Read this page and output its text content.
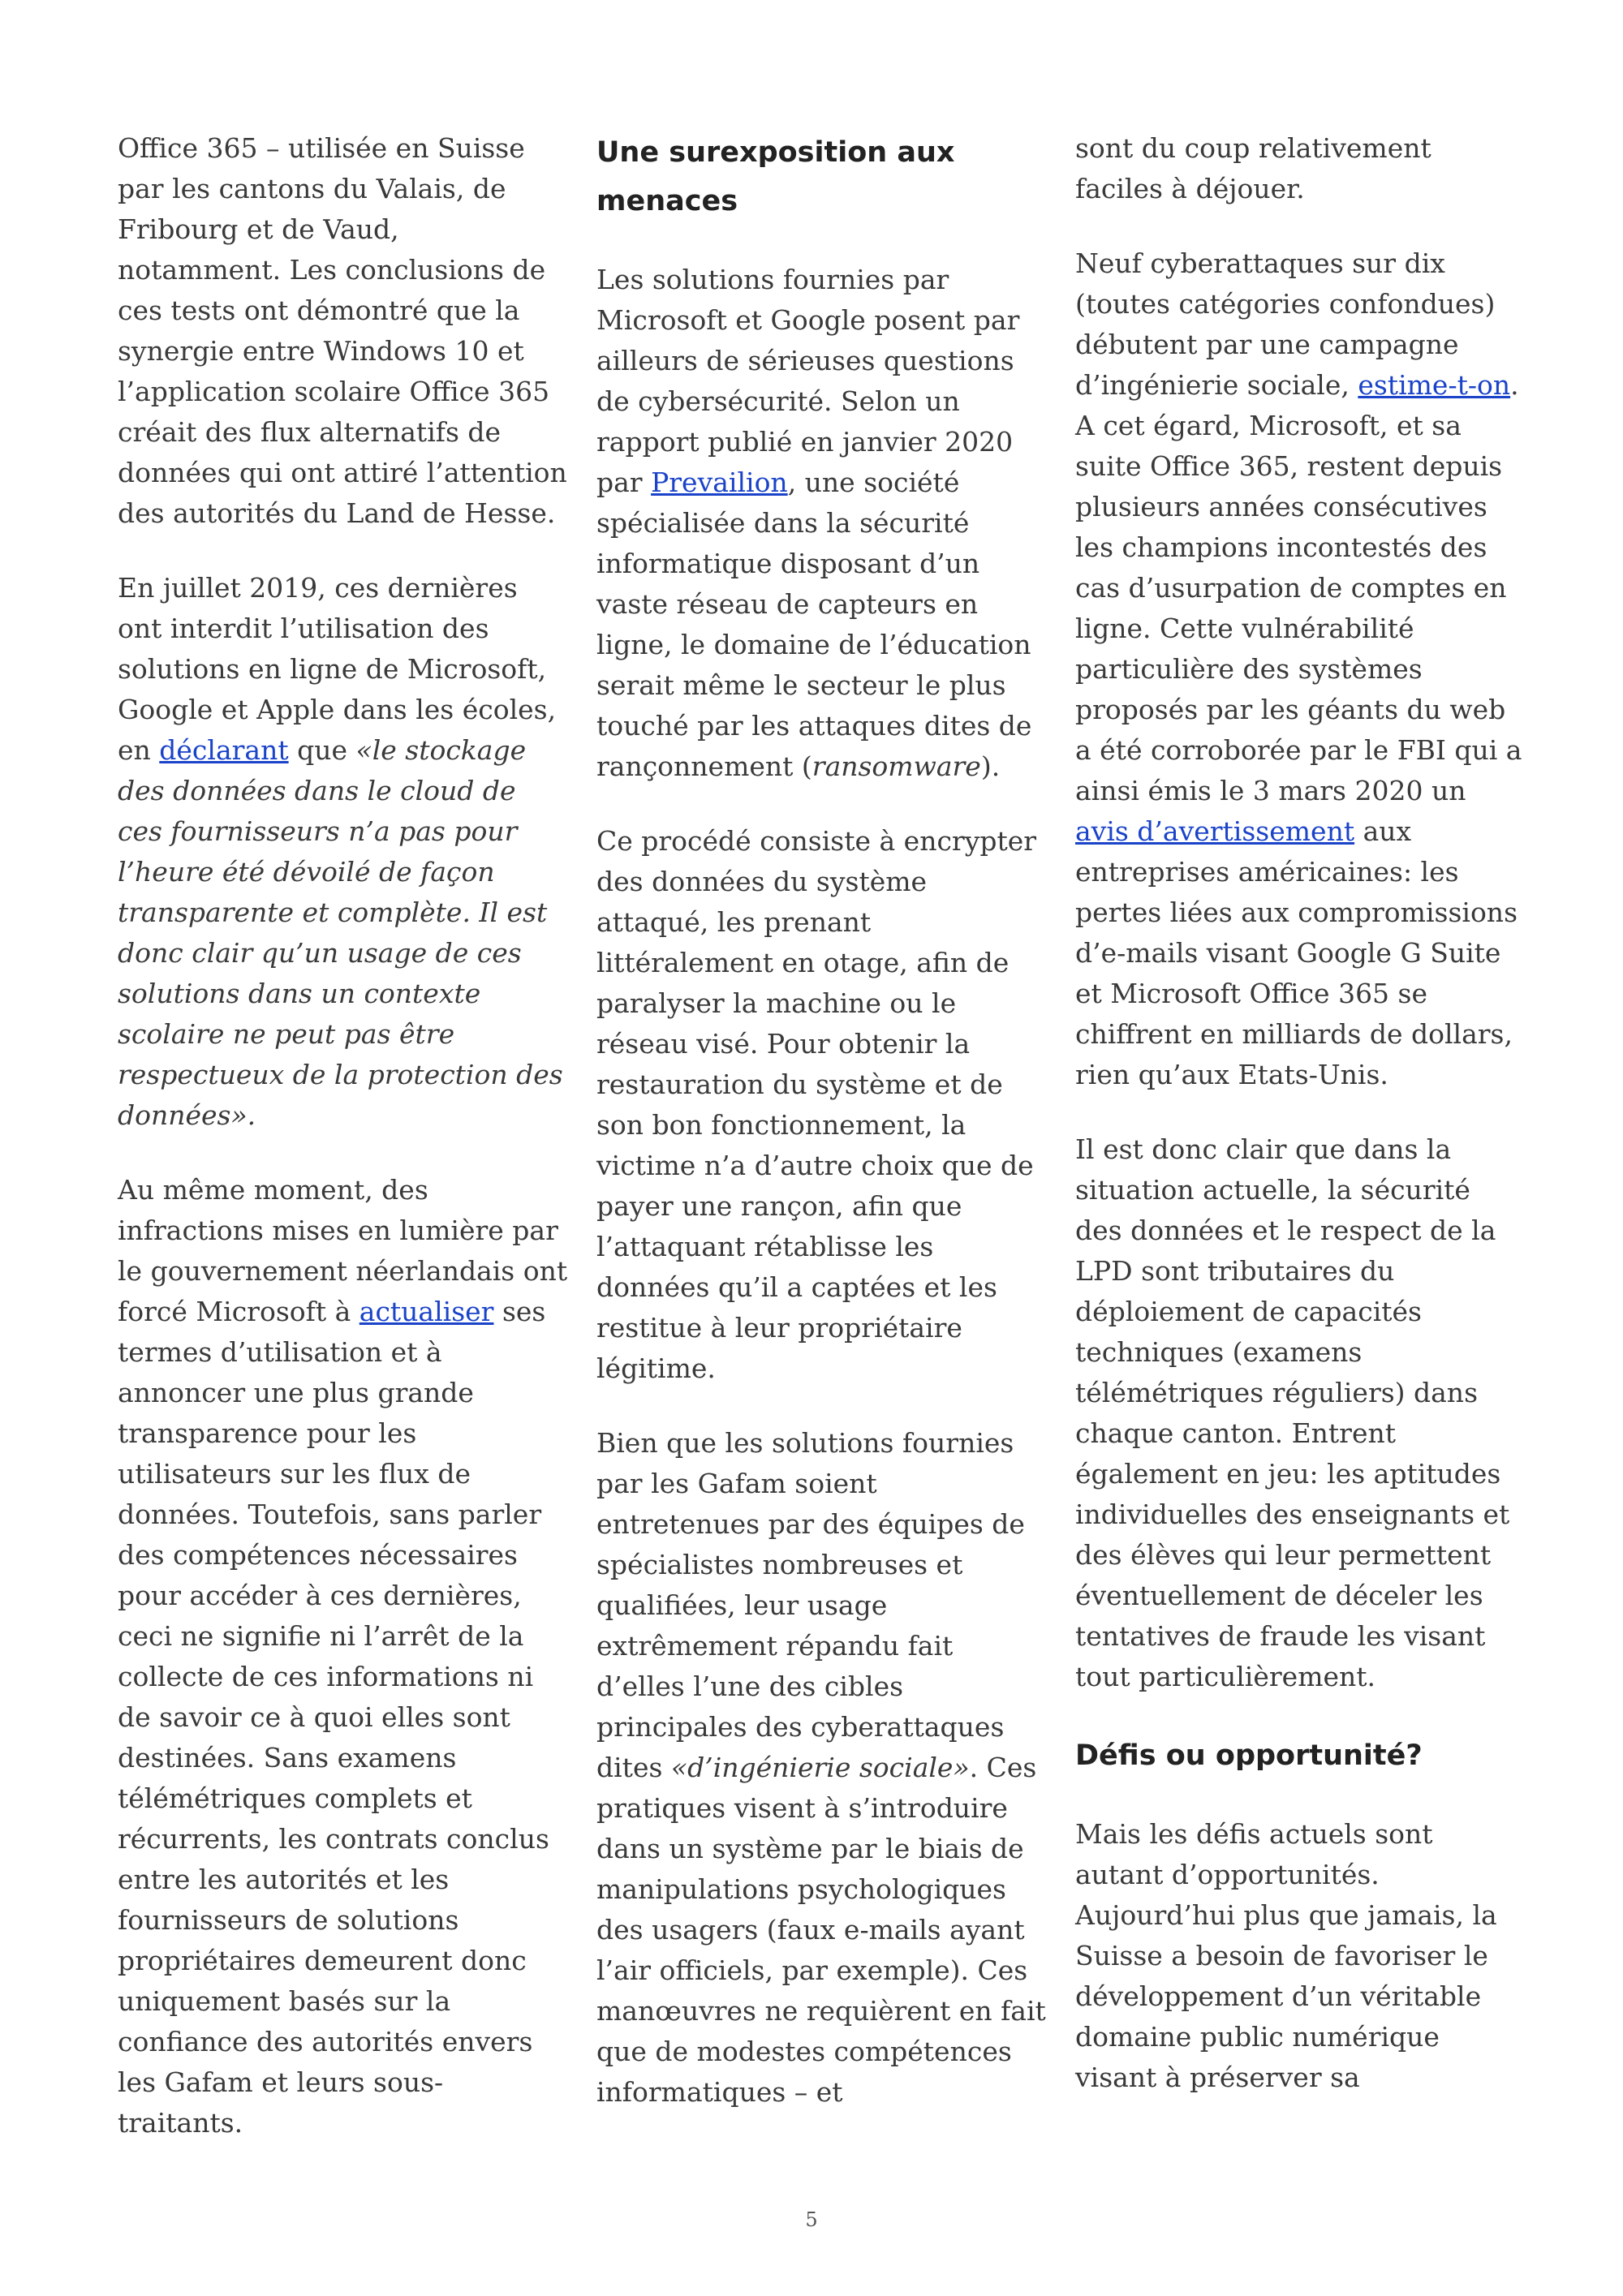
Office 365 – utilisée en Suisse par les cantons du Valais, de Fribourg et de Vaud, notamment. Les conclusions de ces tests ont démontré que la synergie entre Windows 10 et l’application scolaire Office 365 créait des flux alternatifs de données qui ont attiré l’attention des autorités du Land de Hesse.

En juillet 2019, ces dernières ont interdit l’utilisation des solutions en ligne de Microsoft, Google et Apple dans les écoles, en déclarant que «le stockage des données dans le cloud de ces fournisseurs n’a pas pour l’heure été dévoilé de façon transparente et complète. Il est donc clair qu’un usage de ces solutions dans un contexte scolaire ne peut pas être respectueux de la protection des données».

Au même moment, des infractions mises en lumière par le gouvernement néerlandais ont forcé Microsoft à actualiser ses termes d’utilisation et à annoncer une plus grande transparence pour les utilisateurs sur les flux de données. Toutefois, sans parler des compétences nécessaires pour accéder à ces dernières, ceci ne signifie ni l’arrêt de la collecte de ces informations ni de savoir ce à quoi elles sont destinées. Sans examens télémétriques complets et récurrents, les contrats conclus entre les autorités et les fournisseurs de solutions propriétaires demeurent donc uniquement basés sur la confiance des autorités envers les Gafam et leurs sous-traitants.

Une surexposition aux menaces

Les solutions fournies par Microsoft et Google posent par ailleurs de sérieuses questions de cybersécurité. Selon un rapport publié en janvier 2020 par Prevailion, une société spécialisée dans la sécurité informatique disposant d’un vaste réseau de capteurs en ligne, le domaine de l’éducation serait même le secteur le plus touché par les attaques dites de rançonnement (ransomware).

Ce procédé consiste à encrypter des données du système attaqué, les prenant littéralement en otage, afin de paralyser la machine ou le réseau visé. Pour obtenir la restauration du système et de son bon fonctionnement, la victime n’a d’autre choix que de payer une rançon, afin que l’attaquant rétablisse les données qu’il a captées et les restitue à leur propriétaire légitime.

Bien que les solutions fournies par les Gafam soient entretenues par des équipes de spécialistes nombreuses et qualifiées, leur usage extrêmement répandu fait d’elles l’une des cibles principales des cyberattaques dites «d’ingénierie sociale». Ces pratiques visent à s’introduire dans un système par le biais de manipulations psychologiques des usagers (faux e-mails ayant l’air officiels, par exemple). Ces manœuvres ne requièrent en fait que de modestes compétences informatiques – et

sont du coup relativement faciles à déjouer.

Neuf cyberattaques sur dix (toutes catégories confondues) débutent par une campagne d’ingénierie sociale, estime-t-on. A cet égard, Microsoft, et sa suite Office 365, restent depuis plusieurs années consécutives les champions incontestés des cas d’usurpation de comptes en ligne. Cette vulnérabilité particulière des systèmes proposés par les géants du web a été corroborée par le FBI qui a ainsi émis le 3 mars 2020 un avis d’avertissement aux entreprises américaines: les pertes liées aux compromissions d’e-mails visant Google G Suite et Microsoft Office 365 se chiffrent en milliards de dollars, rien qu’aux Etats-Unis.

Il est donc clair que dans la situation actuelle, la sécurité des données et le respect de la LPD sont tributaires du déploiement de capacités techniques (examens télémétriques réguliers) dans chaque canton. Entrent également en jeu: les aptitudes individuelles des enseignants et des élèves qui leur permettent éventuellement de déceler les tentatives de fraude les visant tout particulièrement.

Défis ou opportunité?

Mais les défis actuels sont autant d’opportunités. Aujourd’hui plus que jamais, la Suisse a besoin de favoriser le développement d’un véritable domaine public numérique visant à préserver sa

5
